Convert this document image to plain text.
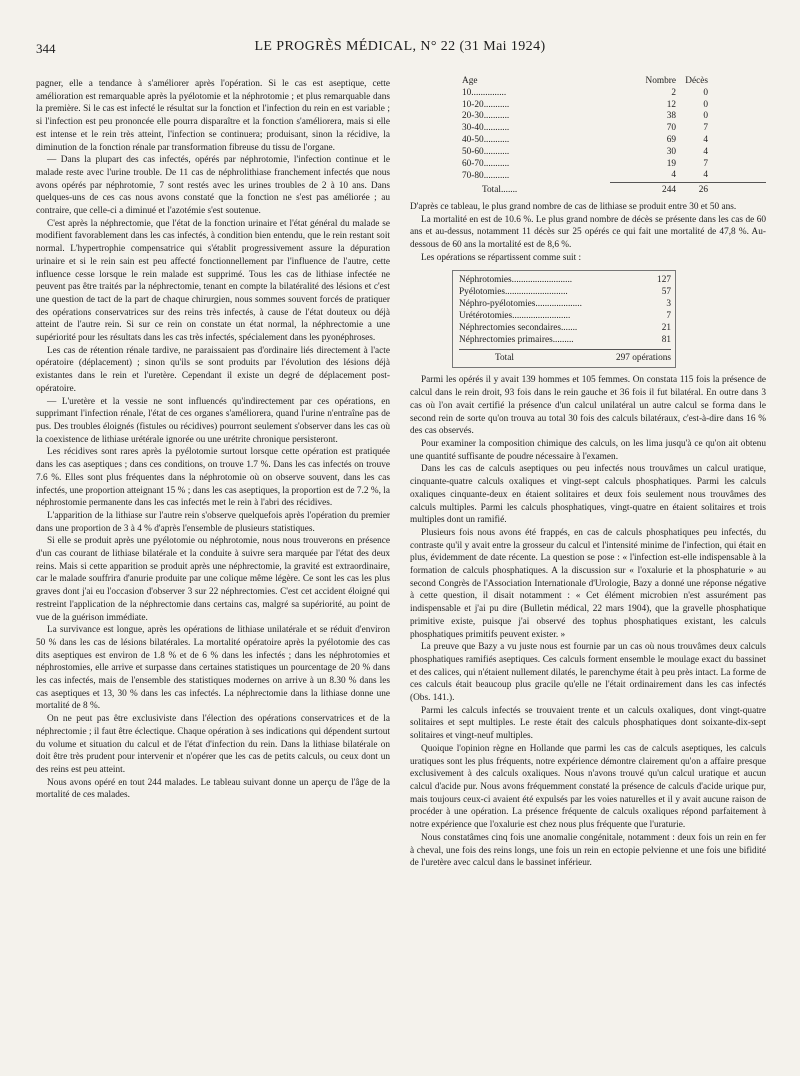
344	LE PROGRÈS MÉDICAL, N° 22 (31 Mai 1924)

pagner, elle a tendance à s'améliorer après l'opération. Si le cas est aseptique, cette amélioration est remarquable après la pyélotomie et la néphrotomie ; et plus remarquable dans la première. Si le cas est infecté le résultat sur la fonction et l'infection du rein en est variable ; si l'infection est peu prononcée elle pourra disparaître et la fonction s'améliorera, mais si elle est intense et le rein très atteint, l'infection se continuera; produisant, sinon la récidive, la diminution de la fonction rénale par transformation fibreuse du tissu de l'organe.

— Dans la plupart des cas infectés, opérés par néphrotomie, l'infection continue et le malade reste avec l'urine trouble. De 11 cas de néphrolithiase franchement infectés que nous avons opérés par néphrotomie, 7 sont restés avec les urines troubles de 2 à 10 ans. Dans quelques-uns de ces cas nous avons constaté que la fonction ne s'est pas améliorée ; au contraire, que celle-ci a diminué et l'azotémie s'est soutenue.

C'est après la néphrectomie, que l'état de la fonction urinaire et l'état général du malade se modifient favorablement dans les cas infectés, à condition bien entendu, que le rein restant soit normal. L'hypertrophie compensatrice qui s'établit progressivement assure la dépuration urinaire et si le rein sain est peu affecté fonctionnellement par l'influence de l'autre, cette influence cesse lorsque le rein malade est supprimé. Tous les cas de lithiase infectée ne peuvent pas être traités par la néphrectomie, tenant en compte la bilatéralité des lésions et c'est une question de tact de la part de chaque chirurgien, nous sommes souvent forcés de pratiquer des opérations conservatrices sur des reins très infectés, à cause de l'état douteux ou déjà atteint de l'autre rein. Si sur ce rein on constate un état normal, la néphrectomie a une supériorité pour les résultats dans les cas très infectés, spécialement dans les pyonéphroses.

Les cas de rétention rénale tardive, ne paraissaient pas d'ordinaire liés directement à l'acte opératoire (déplacement) ; sinon qu'ils se sont produits par l'évolution des lésions déjà existantes dans le rein et l'uretère. Cependant il existe un degré de déplacement post-opératoire.

— L'uretère et la vessie ne sont influencés qu'indirectement par ces opérations, en supprimant l'infection rénale, l'état de ces organes s'améliorera, quand l'urine n'entraîne pas de pus. Des troubles éloignés (fistules ou récidives) pourront seulement s'observer dans les cas où la coexistence de lithiase urétérale ignorée ou une urétrite chronique persisteront.

Les récidives sont rares après la pyélotomie surtout lorsque cette opération est pratiquée dans les cas aseptiques ; dans ces conditions, on trouve 1.7 %. Dans les cas infectés on trouve 7.6 %. Elles sont plus fréquentes dans la néphrotomie où on observe souvent, dans les cas infectés, une proportion atteignant 15 % ; dans les cas aseptiques, la proportion est de 7.2 %, la néphrostomie permanente dans les cas infectés met le rein à l'abri des récidives.

L'apparition de la lithiase sur l'autre rein s'observe quelquefois après l'opération du premier dans une proportion de 3 à 4 % d'après l'ensemble de plusieurs statistiques.

Si elle se produit après une pyélotomie ou néphrotomie, nous nous trouverons en présence d'un cas courant de lithiase bilatérale et la conduite à suivre sera marquée par l'état des deux reins. Mais si cette apparition se produit après une néphrectomie, la gravité est extraordinaire, car le malade souffrira d'anurie produite par une colique même légère. Ce sont les cas les plus graves dont j'ai eu l'occasion d'observer 3 sur 22 néphrectomies. C'est cet accident éloigné qui restreint l'application de la néphrectomie dans certains cas, malgré sa supériorité, au point de vue de la guérison immédiate.

La survivance est longue, après les opérations de lithiase unilatérale et se réduit d'environ 50 % dans les cas de lésions bilatérales. La mortalité opératoire après la pyélotomie des cas dits aseptiques est environ de 1.8 % et de 6 % dans les infectés ; dans les néphrotomies et néphrostomies, elle arrive et surpasse dans certaines statistiques un pourcentage de 20 % dans les cas infectés, mais de l'ensemble des statistiques modernes on arrive à un 8.30 % dans les cas aseptiques et 13, 30 % dans les cas infectés. La néphrectomie dans la lithiase donne une mortalité de 8 %.

On ne peut pas être exclusiviste dans l'élection des opérations conservatrices et de la néphrectomie ; il faut être éclectique. Chaque opération à ses indications qui dépendent surtout du volume et situation du calcul et de l'état d'infection du rein. Dans la lithiase bilatérale on doit être très prudent pour intervenir et n'opérer que les cas de petits calculs, ou ceux dont un des reins est peu atteint.

Nous avons opéré en tout 244 malades. Le tableau suivant donne un aperçu de l'âge de la mortalité de ces malades.

Age	Nombre	Décès
10...............	2	0
10-20...........	12	0
20-30...........	38	0
30-40...........	70	7
40-50...........	69	4
50-60...........	30	4
60-70...........	19	7
70-80...........	4	4
Total.......	244	26

D'après ce tableau, le plus grand nombre de cas de lithiase se produit entre 30 et 50 ans.

La mortalité en est de 10.6 %. Le plus grand nombre de décès se présente dans les cas de 60 ans et au-dessus, notamment 11 décès sur 25 opérés ce qui fait une mortalité de 47,8 %. Au-dessous de 60 ans la mortalité est de 8,6 %.

Les opérations se répartissent comme suit :

Néphrotomies..........................	127
Pyélotomies...........................	57
Néphro-pyélotomies....................	3
Urétérotomies.........................	7
Néphrectomies secondaires.......	21
Néphrectomies primaires.........	81
Total	297 opérations

Parmi les opérés il y avait 139 hommes et 105 femmes. On constata 115 fois la présence de calcul dans le rein droit, 93 fois dans le rein gauche et 36 fois il fut bilatéral. En outre dans 3 cas où l'on avait certifié la présence d'un calcul unilatéral un autre calcul se forma dans le second rein de sorte qu'on trouva au total 30 fois des calculs bilatéraux, c'est-à-dire dans 16 % des cas observés.

Pour examiner la composition chimique des calculs, on les lima jusqu'à ce qu'on ait obtenu une quantité suffisante de poudre nécessaire à l'examen.

Dans les cas de calculs aseptiques ou peu infectés nous trouvâmes un calcul uratique, cinquante-quatre calculs oxaliques et vingt-sept calculs phosphatiques. Parmi les calculs oxaliques cinquante-deux en étaient solitaires et deux fois seulement nous trouvâmes des calculs multiples. Parmi les calculs phosphatiques, vingt-quatre en étaient solitaires et trois multiples dont un ramifié.

Plusieurs fois nous avons été frappés, en cas de calculs phosphatiques peu infectés, du contraste qu'il y avait entre la grosseur du calcul et l'intensité minime de l'infection, qui était en plus, évidemment de date récente. La question se pose : « l'infection est-elle indispensable à la formation de calculs phosphatiques. A la discussion sur « l'oxalurie et la phosphaturie » au second Congrès de l'Association Internationale d'Urologie, Bazy a donné une réponse négative à cette question, il disait notamment : « Cet élément microbien n'est assurément pas indispensable et j'ai pu dire (Bulletin médical, 22 mars 1904), que la gravelle phosphatique primitive existe, puisque j'ai observé des tophus phosphatiques existant, les calculs phosphatiques primitifs peuvent exister. »

La preuve que Bazy a vu juste nous est fournie par un cas où nous trouvâmes deux calculs phosphatiques ramifiés aseptiques. Ces calculs forment ensemble le moulage exact du bassinet et des calices, qui n'étaient nullement dilatés, le parenchyme était à peu près intact. La forme de ces calculs était beaucoup plus gracile qu'elle ne l'était ordinairement dans les cas infectés (Obs. 141.).

Parmi les calculs infectés se trouvaient trente et un calculs oxaliques, dont vingt-quatre solitaires et sept multiples. Le reste était des calculs phosphatiques dont soixante-dix-sept solitaires et vingt-neuf multiples.

Quoique l'opinion règne en Hollande que parmi les cas de calculs aseptiques, les calculs uratiques sont les plus fréquents, notre expérience démontre clairement qu'on a affaire presque exclusivement à des calculs oxaliques. Nous n'avons trouvé qu'un calcul uratique et aucun calcul d'acide pur. Nous avons fréquemment constaté la présence de calculs d'acide urique pur, mais toujours ceux-ci avaient été expulsés par les voies naturelles et il y avait aucune raison de procéder à une opération. La présence fréquente de calculs oxaliques répond parfaitement à notre expérience que l'oxalurie est chez nous plus fréquente que l'uraturie.

Nous constatâmes cinq fois une anomalie congénitale, notamment : deux fois un rein en fer à cheval, une fois des reins longs, une fois un rein en ectopie pelvienne et une fois une bifidité de l'uretère avec calcul dans le bassinet inférieur.
